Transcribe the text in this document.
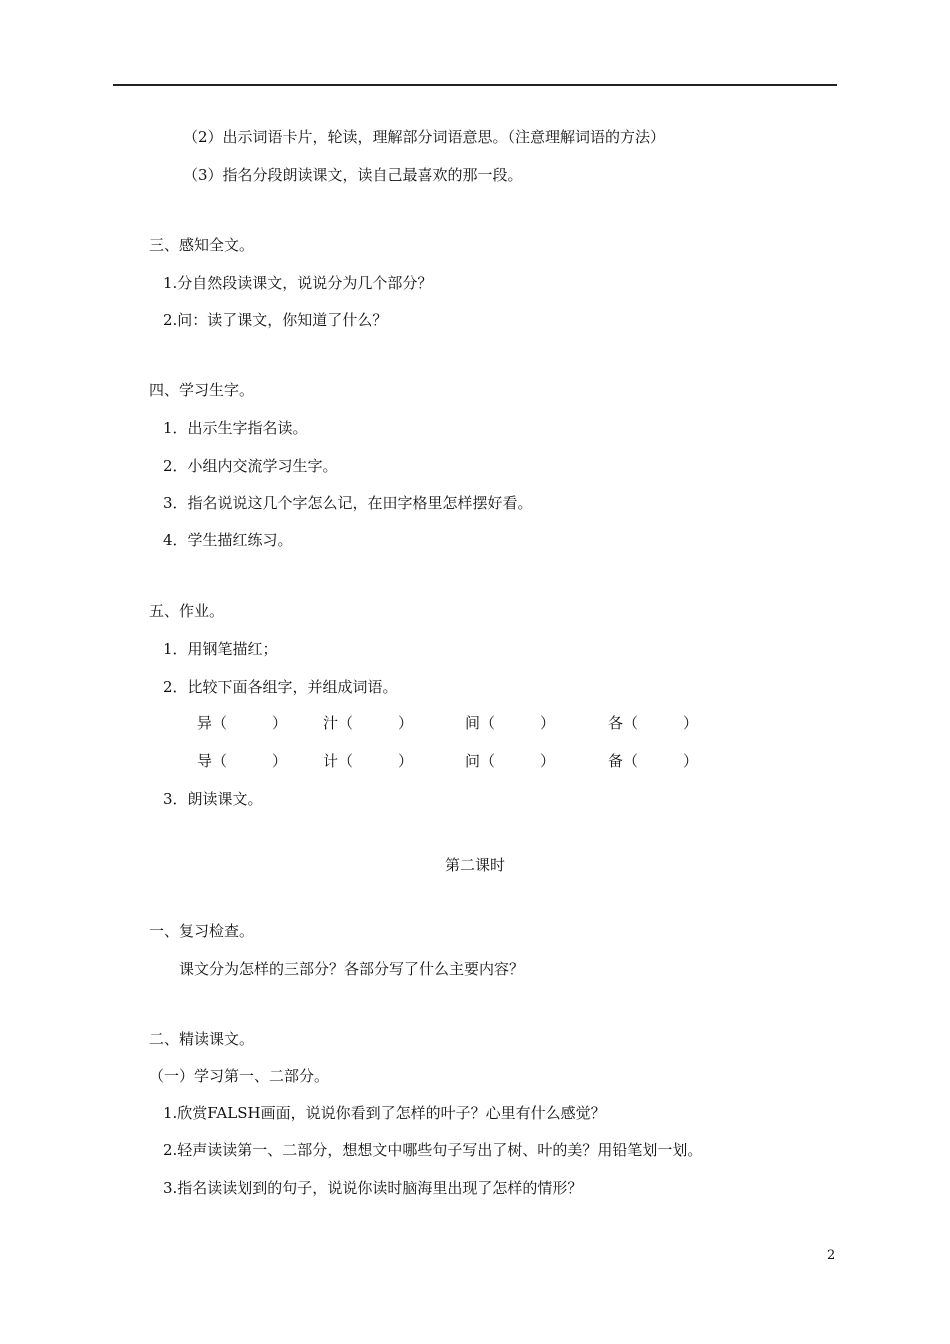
（2）出示词语卡片，轮读，理解部分词语意思。（注意理解词语的方法）
（3）指名分段朗读课文，读自己最喜欢的那一段。
三、感知全文。
1.分自然段读课文，说说分为几个部分？
2.问：读了课文，你知道了什么？
四、学习生字。
1．出示生字指名读。
2．小组内交流学习生字。
3．指名说说这几个字怎么记，在田字格里怎样摆好看。
4．学生描红练习。
五、作业。
1．用钢笔描红；
2．比较下面各组字，并组成词语。
异（　　　） 汁（　　　）	间（　　　）	各（　　　）
导（　　　） 计（　　　）	问（　　　）	备（　　　）
3．朗读课文。
第二课时
一、复习检查。
课文分为怎样的三部分？各部分写了什么主要内容？
二、精读课文。
（一）学习第一、二部分。
1.欣赏FALSH画面，说说你看到了怎样的叶子？心里有什么感觉？
2.轻声读读第一、二部分，想想文中哪些句子写出了树、叶的美？用铅笔划一划。
3.指名读读划到的句子，说说你读时脑海里出现了怎样的情形？
2
